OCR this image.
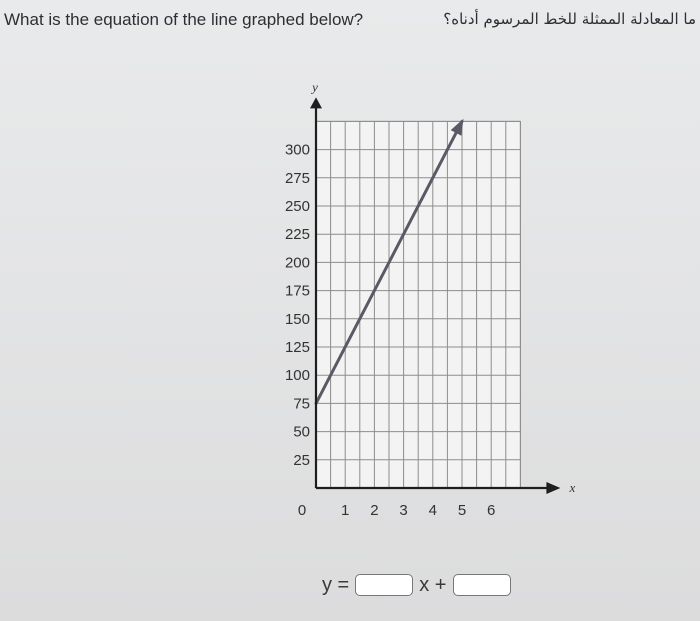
What is the equation of the line graphed below?	ما المعادلة الممثلة للخط المرسوم أدناه؟
y
x
25
50
75
100
125
150
175
200
225
250
275
300
0 1 2 3 4 5 6
y =	x +
